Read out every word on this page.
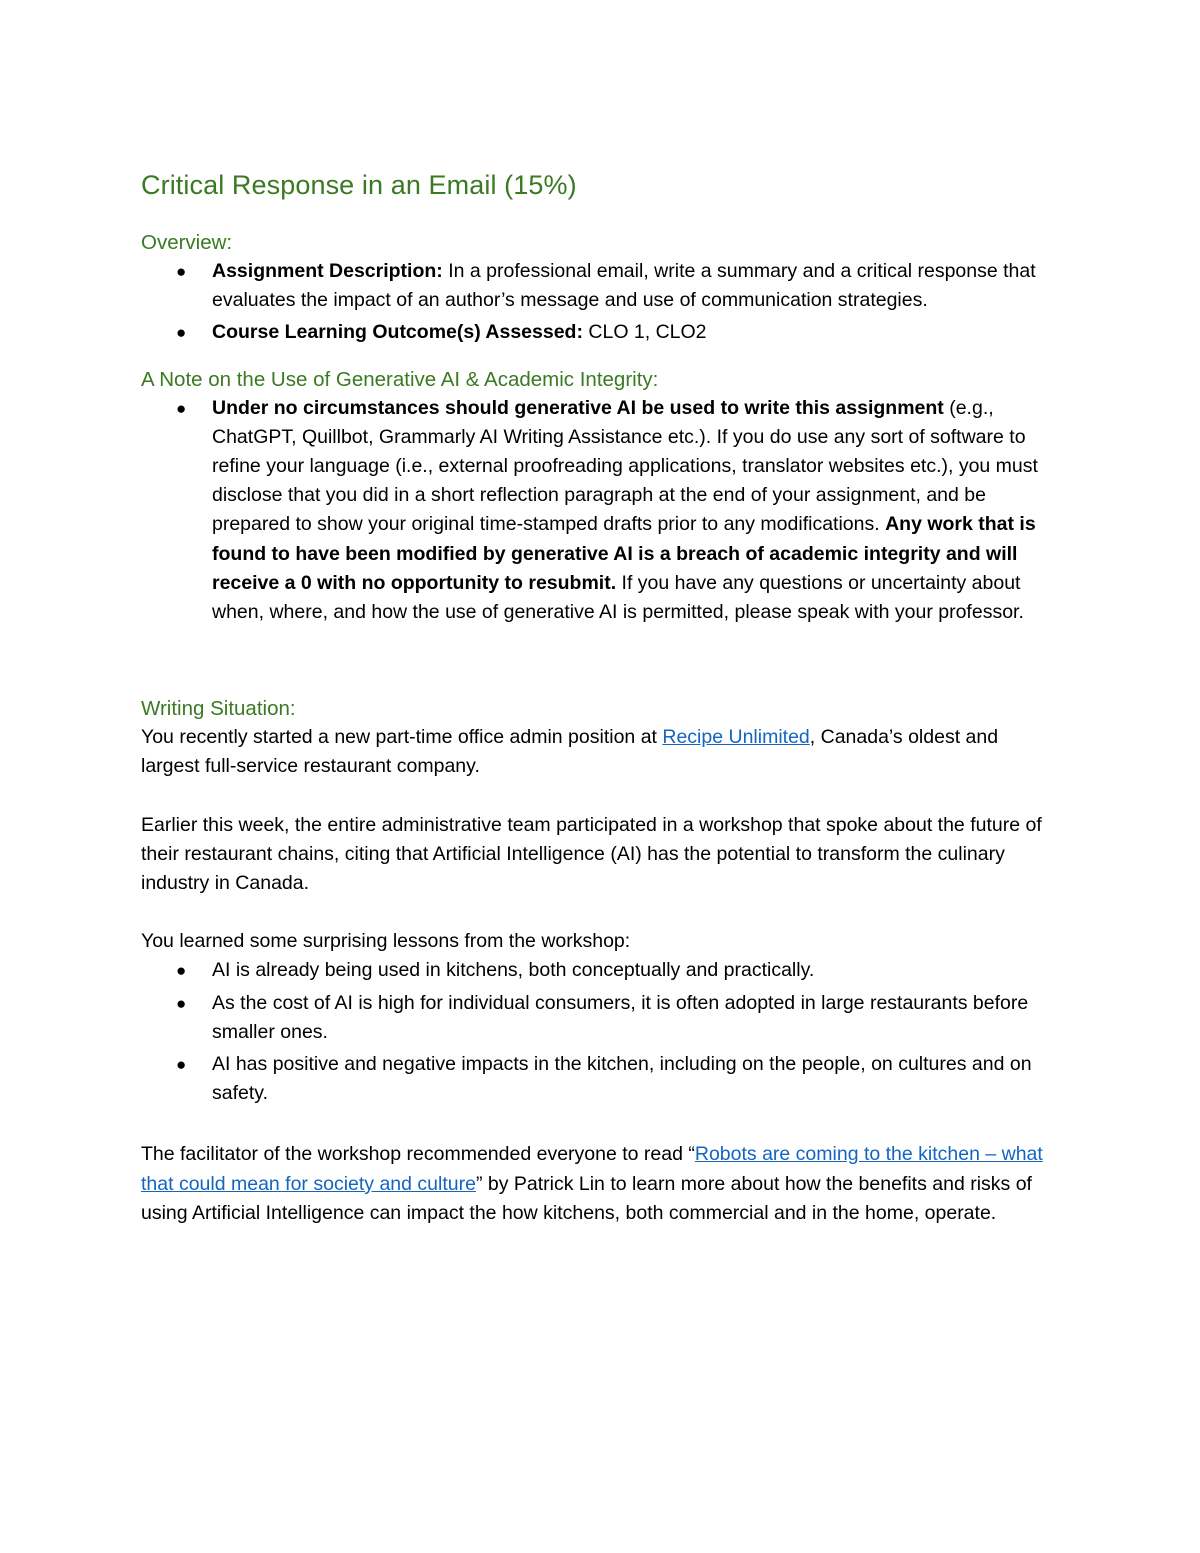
Critical Response in an Email (15%)
Overview:
● Assignment Description: In a professional email, write a summary and a critical response that evaluates the impact of an author’s message and use of communication strategies.
● Course Learning Outcome(s) Assessed: CLO 1, CLO2
A Note on the Use of Generative AI & Academic Integrity:
● Under no circumstances should generative AI be used to write this assignment (e.g., ChatGPT, Quillbot, Grammarly AI Writing Assistance etc.). If you do use any sort of software to refine your language (i.e., external proofreading applications, translator websites etc.), you must disclose that you did in a short reflection paragraph at the end of your assignment, and be prepared to show your original time-stamped drafts prior to any modifications. Any work that is found to have been modified by generative AI is a breach of academic integrity and will receive a 0 with no opportunity to resubmit. If you have any questions or uncertainty about when, where, and how the use of generative AI is permitted, please speak with your professor.
Writing Situation:

You recently started a new part-time office admin position at Recipe Unlimited, Canada’s oldest and largest full-service restaurant company.

Earlier this week, the entire administrative team participated in a workshop that spoke about the future of their restaurant chains, citing that Artificial Intelligence (AI) has the potential to transform the culinary industry in Canada.

You learned some surprising lessons from the workshop:

● AI is already being used in kitchens, both conceptually and practically.
● As the cost of AI is high for individual consumers, it is often adopted in large restaurants before smaller ones.
● AI has positive and negative impacts in the kitchen, including on the people, on cultures and on safety.

The facilitator of the workshop recommended everyone to read “Robots are coming to the kitchen – what that could mean for society and culture” by Patrick Lin to learn more about how the benefits and risks of using Artificial Intelligence can impact the how kitchens, both commercial and in the home, operate.
